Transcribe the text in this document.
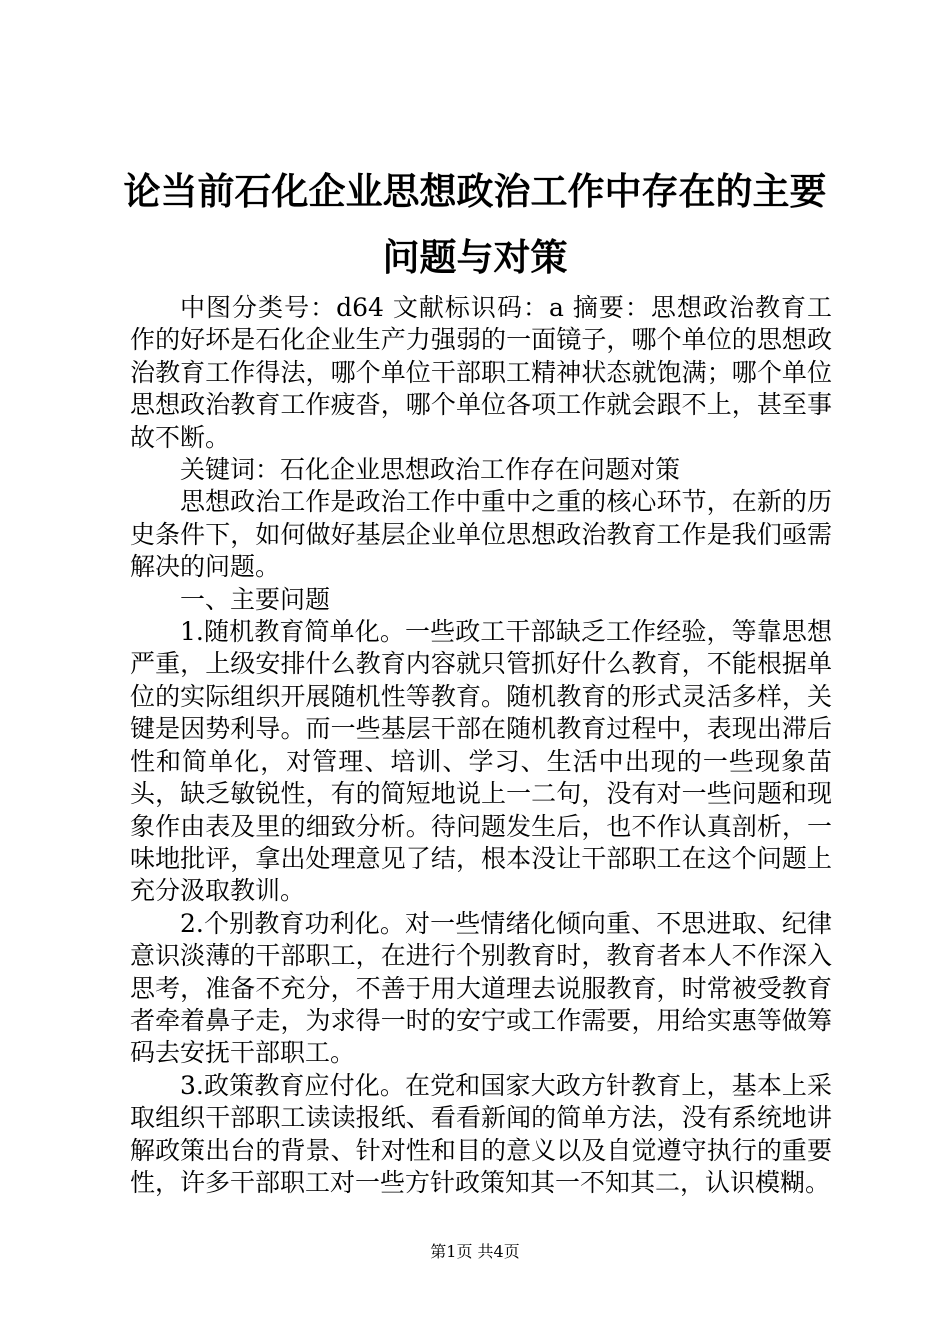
论当前石化企业思想政治工作中存在的主要问题与对策

中图分类号：d64 文献标识码：a 摘要：思想政治教育工作的好坏是石化企业生产力强弱的一面镜子，哪个单位的思想政治教育工作得法，哪个单位干部职工精神状态就饱满；哪个单位思想政治教育工作疲沓，哪个单位各项工作就会跟不上，甚至事故不断。

关键词：石化企业思想政治工作存在问题对策

思想政治工作是政治工作中重中之重的核心环节，在新的历史条件下，如何做好基层企业单位思想政治教育工作是我们亟需解决的问题。

一、主要问题

1.随机教育简单化。一些政工干部缺乏工作经验，等靠思想严重，上级安排什么教育内容就只管抓好什么教育，不能根据单位的实际组织开展随机性等教育。随机教育的形式灵活多样，关键是因势利导。而一些基层干部在随机教育过程中，表现出滞后性和简单化，对管理、培训、学习、生活中出现的一些现象苗头，缺乏敏锐性，有的简短地说上一二句，没有对一些问题和现象作由表及里的细致分析。待问题发生后，也不作认真剖析，一味地批评，拿出处理意见了结，根本没让干部职工在这个问题上充分汲取教训。

2.个别教育功利化。对一些情绪化倾向重、不思进取、纪律意识淡薄的干部职工，在进行个别教育时，教育者本人不作深入思考，准备不充分，不善于用大道理去说服教育，时常被受教育者牵着鼻子走，为求得一时的安宁或工作需要，用给实惠等做筹码去安抚干部职工。

3.政策教育应付化。在党和国家大政方针教育上，基本上采取组织干部职工读读报纸、看看新闻的简单方法，没有系统地讲解政策出台的背景、针对性和目的意义以及自觉遵守执行的重要性，许多干部职工对一些方针政策知其一不知其二，认识模糊。

第1页 共4页
